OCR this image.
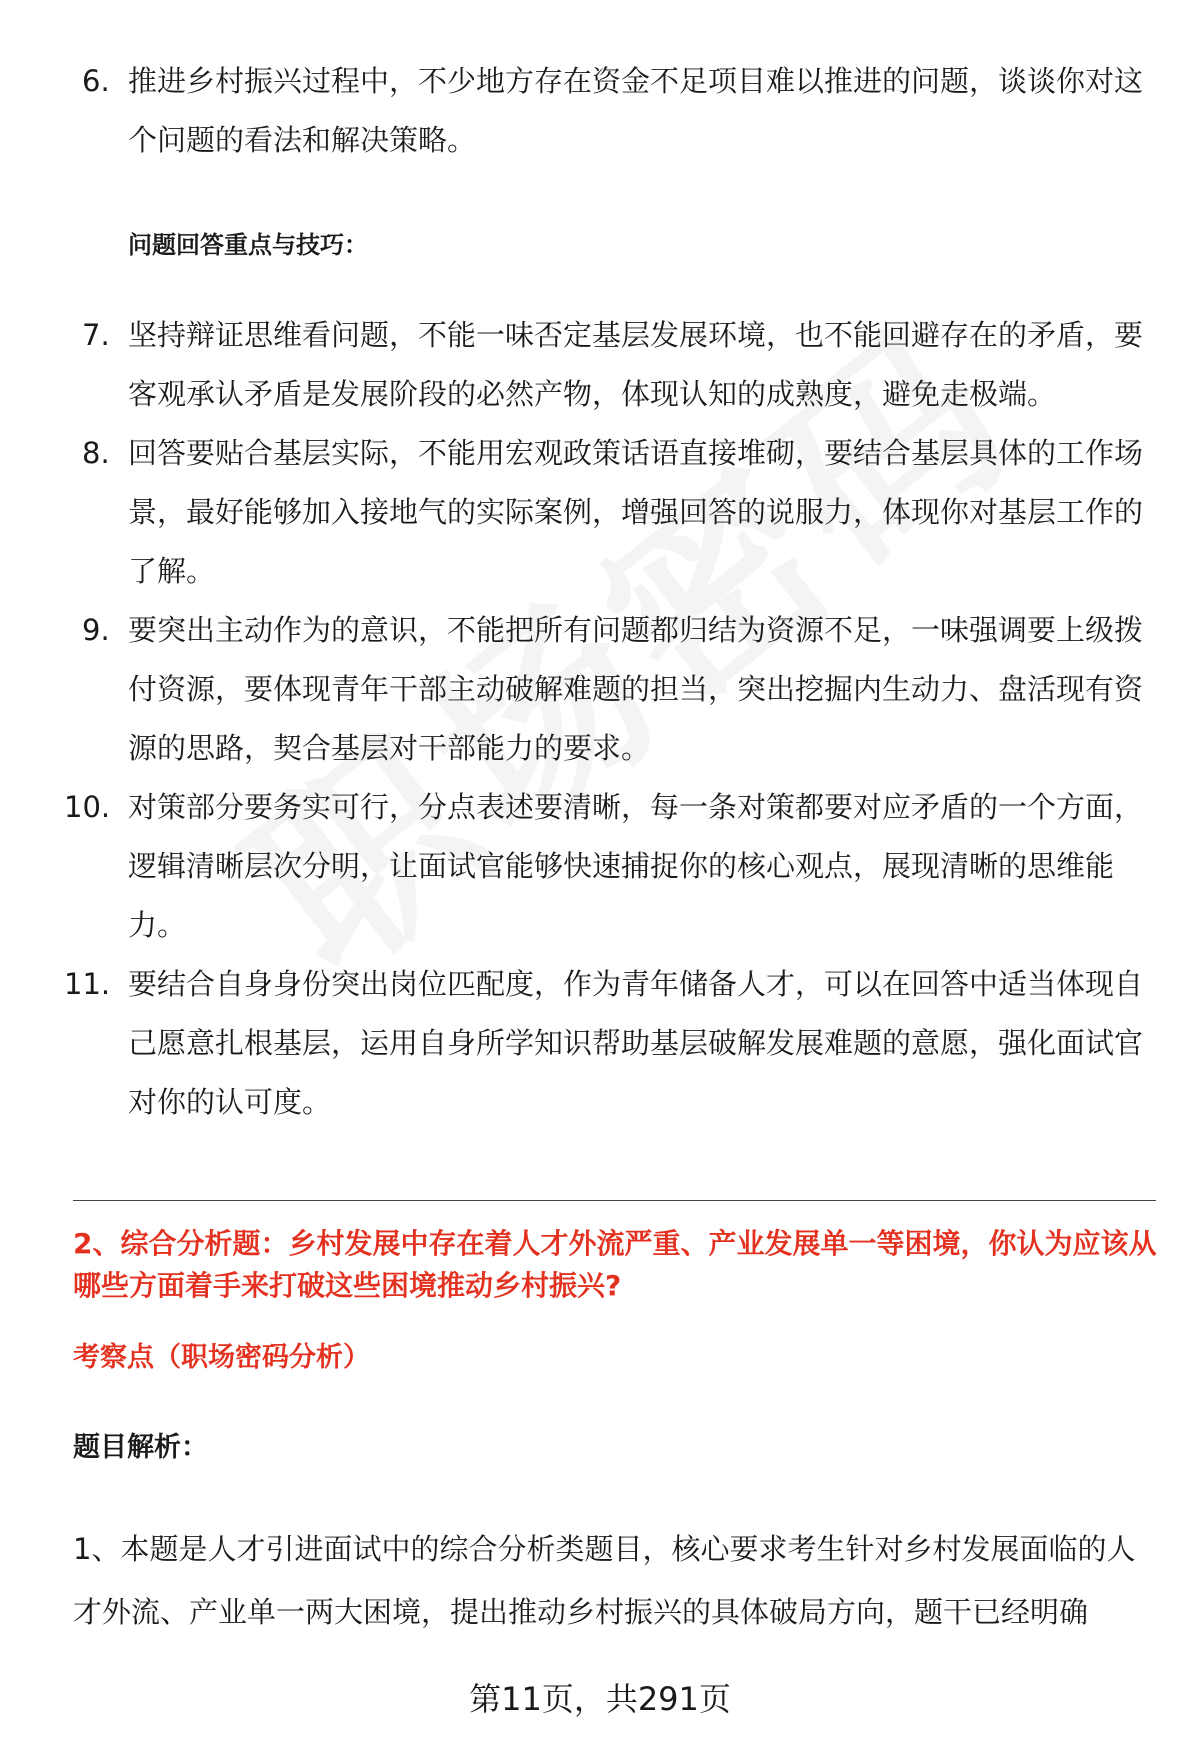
6. 推进乡村振兴过程中，不少地方存在资金不足项目难以推进的问题，谈谈你对这个问题的看法和解决策略。
问题回答重点与技巧：
7. 坚持辩证思维看问题，不能一味否定基层发展环境，也不能回避存在的矛盾，要客观承认矛盾是发展阶段的必然产物，体现认知的成熟度，避免走极端。
8. 回答要贴合基层实际，不能用宏观政策话语直接堆砌，要结合基层具体的工作场景，最好能够加入接地气的实际案例，增强回答的说服力，体现你对基层工作的了解。
9. 要突出主动作为的意识，不能把所有问题都归结为资源不足，一味强调要上级拨付资源，要体现青年干部主动破解难题的担当，突出挖掘内生动力、盘活现有资源的思路，契合基层对干部能力的要求。
10. 对策部分要务实可行，分点表述要清晰，每一条对策都要对应矛盾的一个方面，逻辑清晰层次分明，让面试官能够快速捕捉你的核心观点，展现清晰的思维能力。
11. 要结合自身身份突出岗位匹配度，作为青年储备人才，可以在回答中适当体现自己愿意扎根基层，运用自身所学知识帮助基层破解发展难题的意愿，强化面试官对你的认可度。
2、综合分析题：乡村发展中存在着人才外流严重、产业发展单一等困境，你认为应该从哪些方面着手来打破这些困境推动乡村振兴?
考察点（职场密码分析）
题目解析：
1、本题是人才引进面试中的综合分析类题目，核心要求考生针对乡村发展面临的人才外流、产业单一两大困境，提出推动乡村振兴的具体破局方向，题干已经明确
第11页，共291页
